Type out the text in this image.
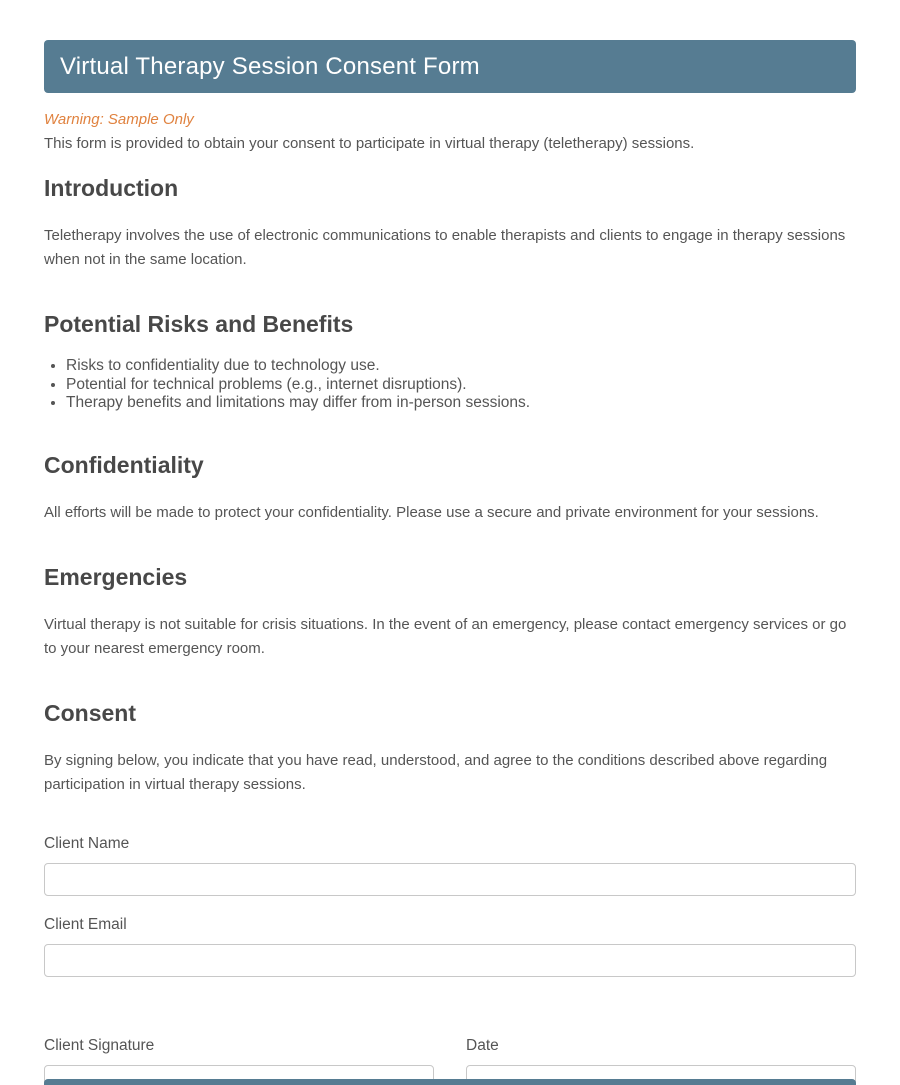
Virtual Therapy Session Consent Form

Warning: Sample Only

This form is provided to obtain your consent to participate in virtual therapy (teletherapy) sessions.

Introduction

Teletherapy involves the use of electronic communications to enable therapists and clients to engage in therapy sessions when not in the same location.

Potential Risks and Benefits
• Risks to confidentiality due to technology use.
• Potential for technical problems (e.g., internet disruptions).
• Therapy benefits and limitations may differ from in-person sessions.
Confidentiality

All efforts will be made to protect your confidentiality. Please use a secure and private environment for your sessions.

Emergencies

Virtual therapy is not suitable for crisis situations. In the event of an emergency, please contact emergency services or go to your nearest emergency room.

Consent

By signing below, you indicate that you have read, understood, and agree to the conditions described above regarding participation in virtual therapy sessions.

Client Name
Client Email
Client Signature	Date
